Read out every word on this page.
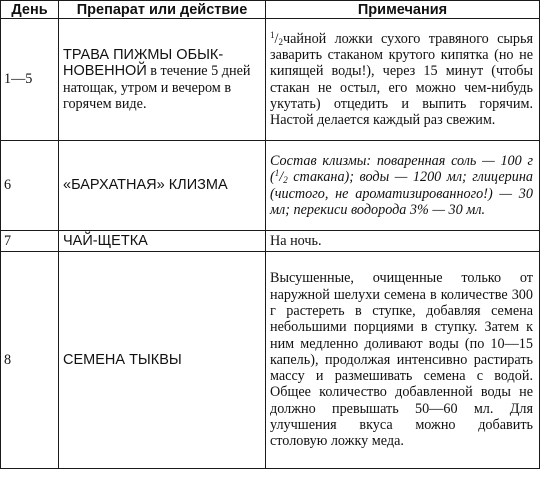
День	Препарат или действие	Примечания
1—5	ТРАВА ПИЖМЫ ОБЫК-НОВЕННОЙ в течение 5 дней натощак, утром и вечером в горячем виде.	$^1/_2чайной$ ложки сухого травяного сырья заварить стаканом крутого кипятка (но не кипящей воды!), через 15 минут (чтобы стакан не остыл, его можно чем-нибудь укутать) отцедить и выпить горячим. Настой делается каждый раз свежим.
6	«БАРХАТНАЯ» КЛИЗМА	Состав клизмы: поваренная соль — 100 г ($^1/_2$ стакана); воды — 1200 мл; глицерина (чистого, не ароматизированного!) — 30 мл; перекиси водорода 3% — 30 мл.
7	ЧАЙ-ЩЕТКА	На ночь.
8	СЕМЕНА ТЫКВЫ	Высушенные, очищенные только от наружной шелухи семена в количестве 300 г растереть в ступке, добавляя семена небольшими порциями в ступку. Затем к ним медленно доливают воды (по 10—15 капель), продолжая интенсивно растирать массу и размешивать семена с водой. Общее количество добавленной воды не должно превышать 50—60 мл. Для улучшения вкуса можно добавить столовую ложку меда.
